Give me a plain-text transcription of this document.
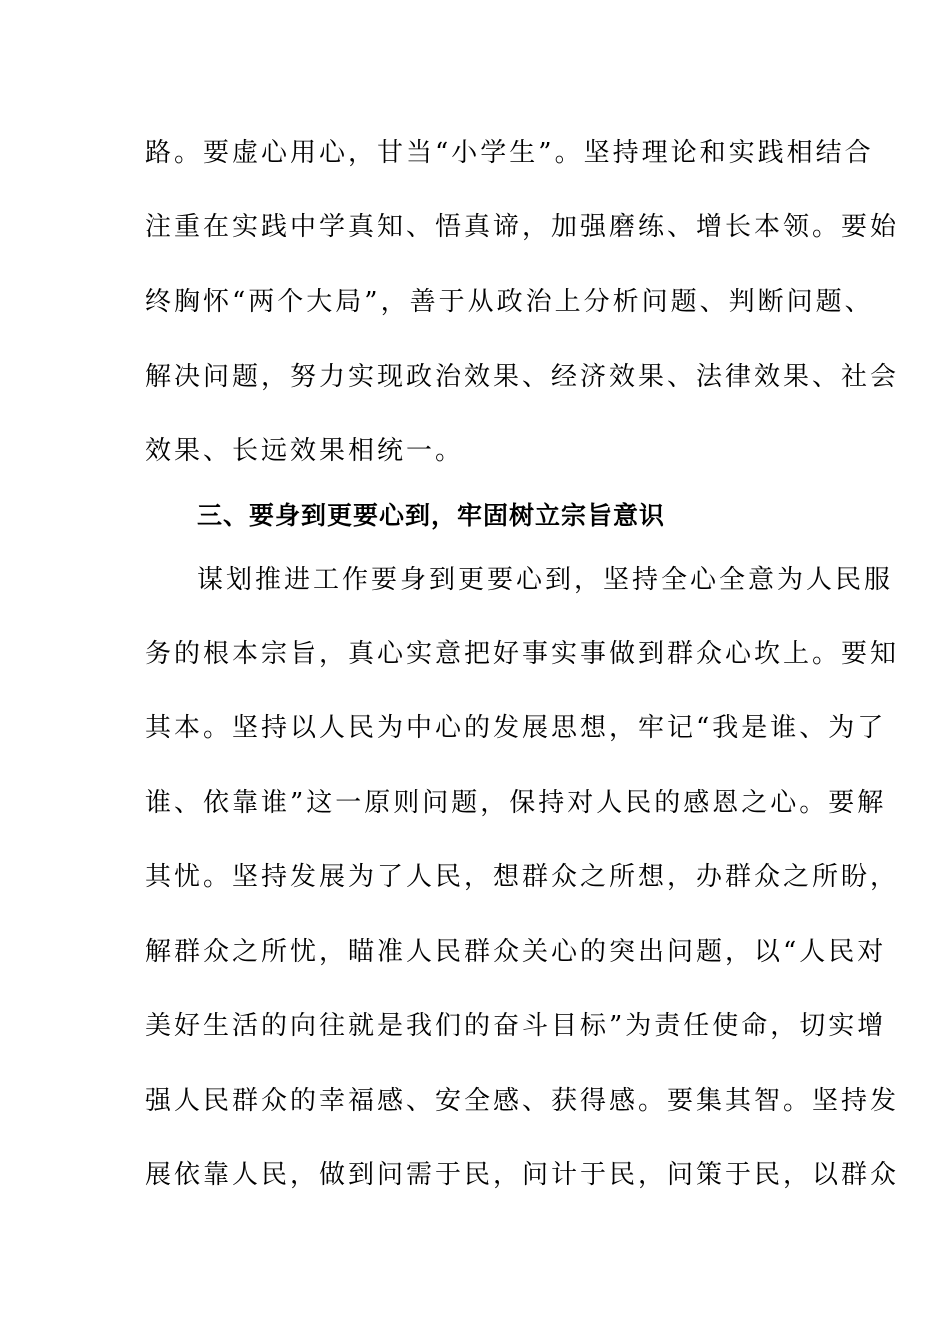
路。要虚心用心，甘当“小学生”。坚持理论和实践相结合
注重在实践中学真知、悟真谛，加强磨练、增长本领。要始
终胸怀“两个大局”，善于从政治上分析问题、判断问题、
解决问题，努力实现政治效果、经济效果、法律效果、社会
效果、长远效果相统一。
三、要身到更要心到，牢固树立宗旨意识
谋划推进工作要身到更要心到，坚持全心全意为人民服
务的根本宗旨，真心实意把好事实事做到群众心坎上。要知
其本。坚持以人民为中心的发展思想，牢记“我是谁、为了
谁、依靠谁”这一原则问题，保持对人民的感恩之心。要解
其忧。坚持发展为了人民，想群众之所想，办群众之所盼，
解群众之所忧，瞄准人民群众关心的突出问题，以“人民对
美好生活的向往就是我们的奋斗目标”为责任使命，切实增
强人民群众的幸福感、安全感、获得感。要集其智。坚持发
展依靠人民，做到问需于民，问计于民，问策于民，以群众
